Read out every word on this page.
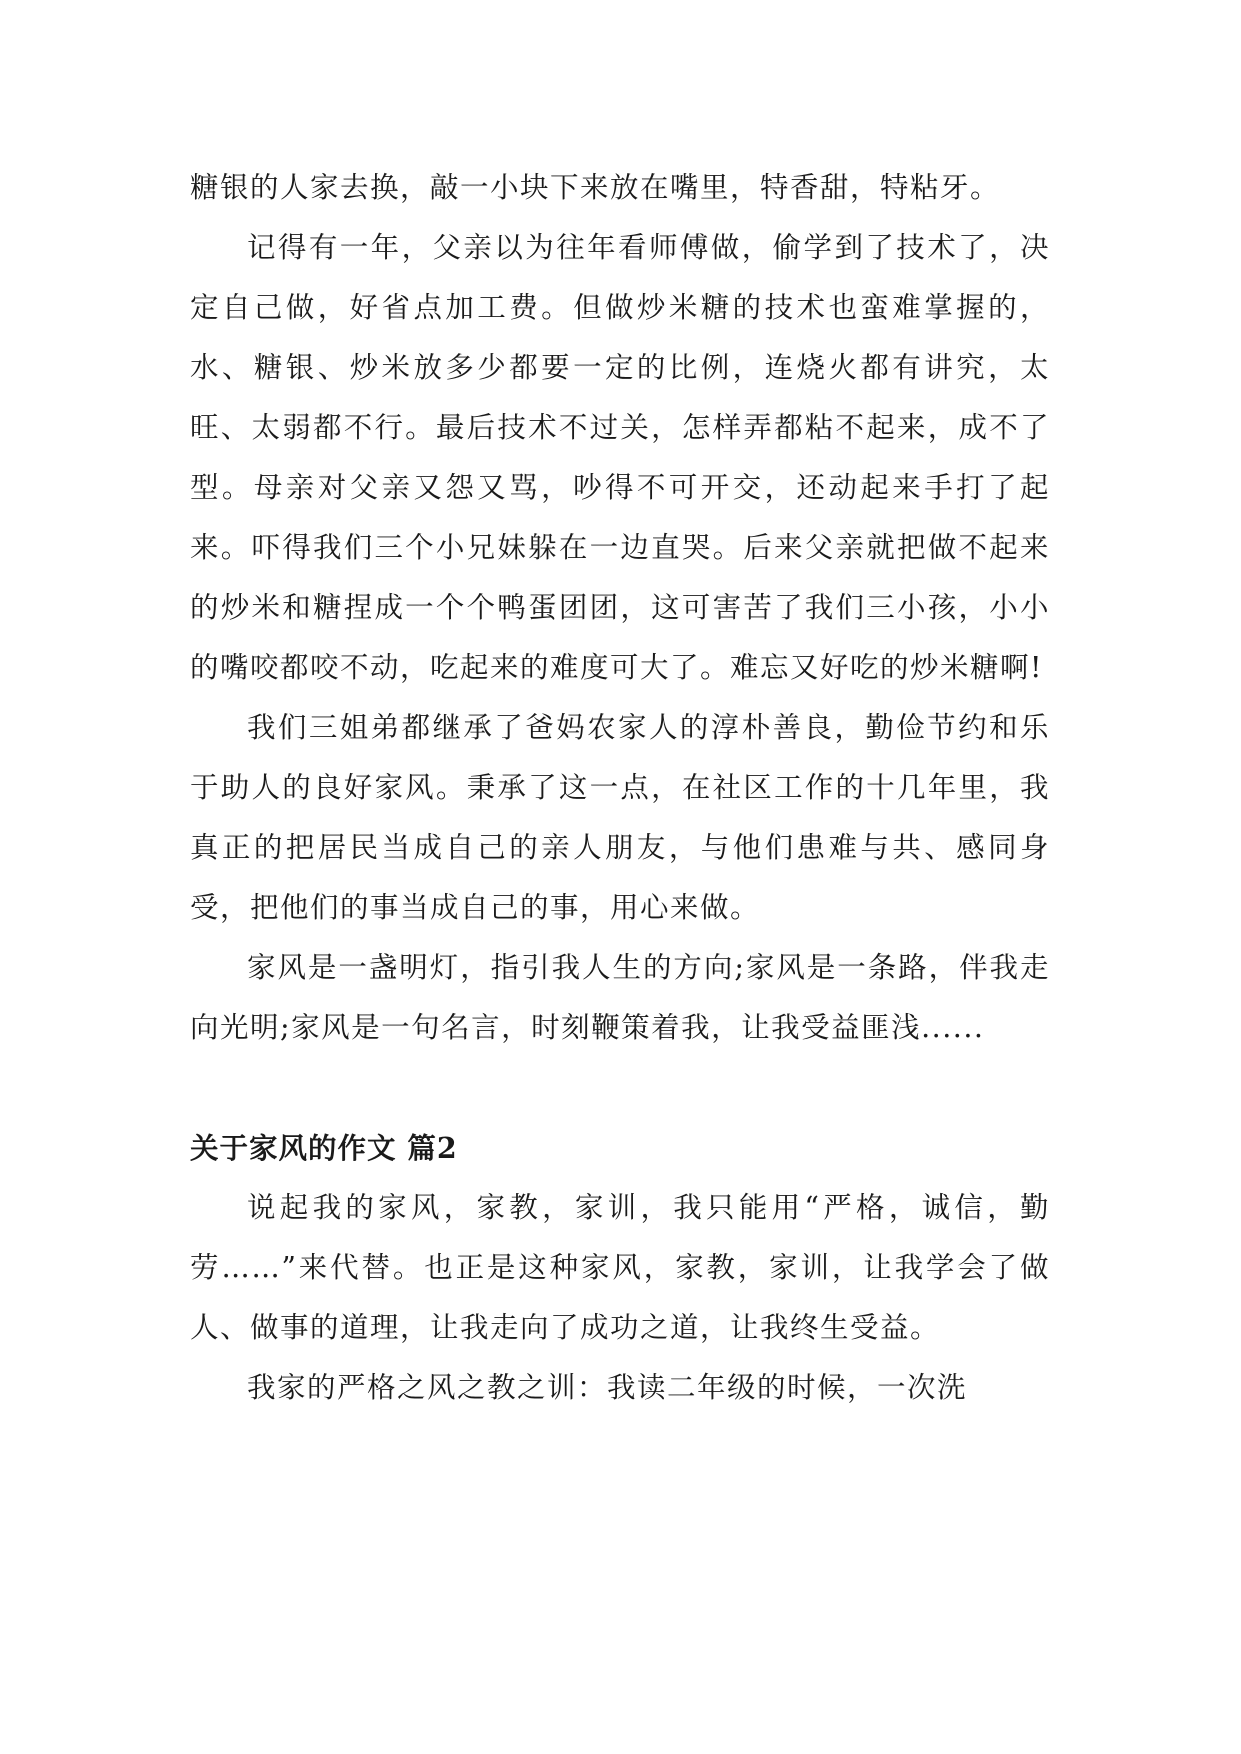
糖银的人家去换，敲一小块下来放在嘴里，特香甜，特粘牙。

记得有一年，父亲以为往年看师傅做，偷学到了技术了，决定自己做，好省点加工费。但做炒米糖的技术也蛮难掌握的，水、糖银、炒米放多少都要一定的比例，连烧火都有讲究，太旺、太弱都不行。最后技术不过关，怎样弄都粘不起来，成不了型。母亲对父亲又怨又骂，吵得不可开交，还动起来手打了起来。吓得我们三个小兄妹躲在一边直哭。后来父亲就把做不起来的炒米和糖捏成一个个鸭蛋团团，这可害苦了我们三小孩，小小的嘴咬都咬不动，吃起来的难度可大了。难忘又好吃的炒米糖啊!

我们三姐弟都继承了爸妈农家人的淳朴善良，勤俭节约和乐于助人的良好家风。秉承了这一点，在社区工作的十几年里，我真正的把居民当成自己的亲人朋友，与他们患难与共、感同身受，把他们的事当成自己的事，用心来做。

家风是一盏明灯，指引我人生的方向;家风是一条路，伴我走向光明;家风是一句名言，时刻鞭策着我，让我受益匪浅......

关于家风的作文 篇2

说起我的家风，家教，家训，我只能用“严格，诚信，勤劳……”来代替。也正是这种家风，家教，家训，让我学会了做人、做事的道理，让我走向了成功之道，让我终生受益。

我家的严格之风之教之训：我读二年级的时候，一次洗
